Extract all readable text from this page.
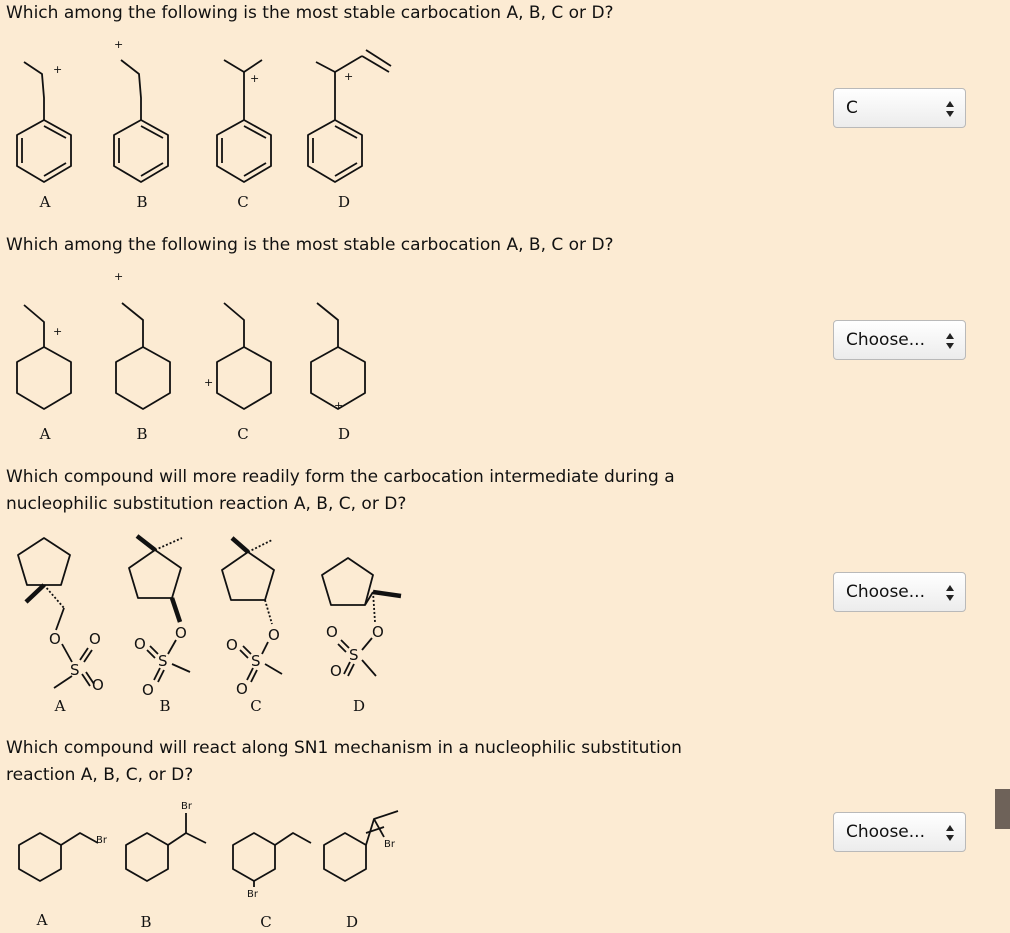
Which among the following is the most stable carbocation A, B, C or D?
+
+
+	+
A	B	C	D
C
Which among the following is the most stable carbocation A, B, C or D?
+
+
+
+
A	B	C	D
Choose...
Which compound will more readily form the carbocation intermediate during a
nucleophilic substitution reaction A, B, C, or D?
O
S
O
O
O
S
O
O
O
S
O
O
O
S
O
O
A	B	C	D
Choose...
Which compound will react along SN1 mechanism in a nucleophilic substitution
reaction A, B, C, or D?
Br
Br
Br
Br
A	B	C	D
Choose...
